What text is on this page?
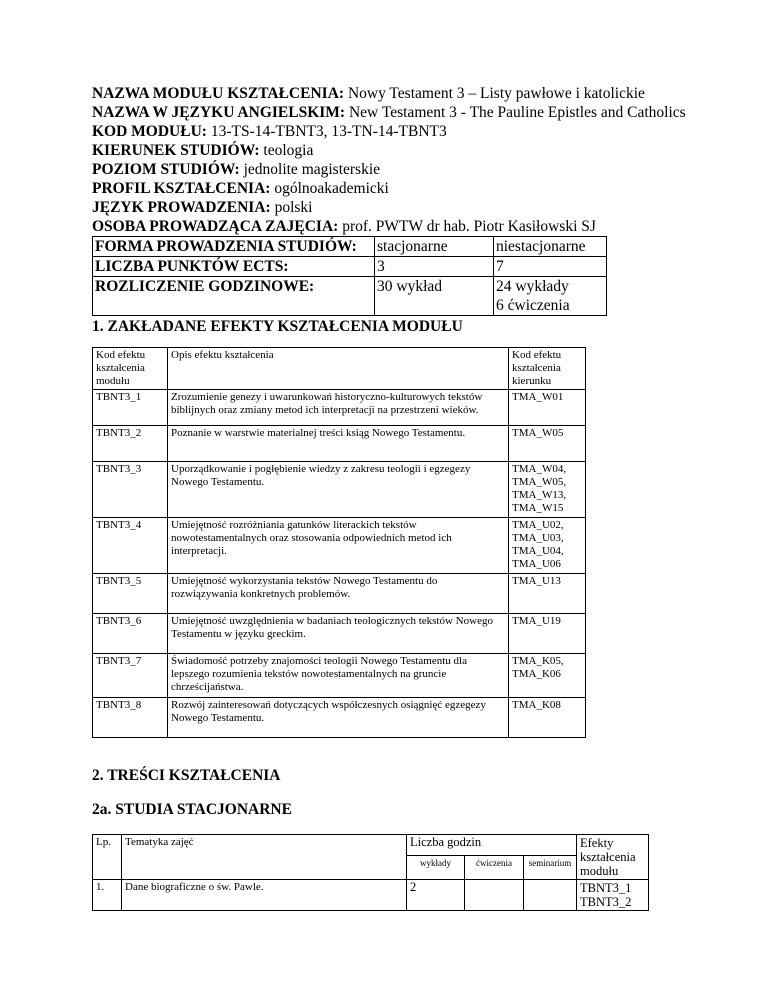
NAZWA MODUŁU KSZTAŁCENIA: Nowy Testament 3 – Listy pawłowe i katolickie
NAZWA W JĘZYKU ANGIELSKIM: New Testament 3 - The Pauline Epistles and Catholics
KOD MODUŁU: 13-TS-14-TBNT3, 13-TN-14-TBNT3
KIERUNEK STUDIÓW: teologia
POZIOM STUDIÓW: jednolite magisterskie
PROFIL KSZTAŁCENIA: ogólnoakademicki
JĘZYK PROWADZENIA: polski
OSOBA PROWADZĄCA ZAJĘCIA: prof. PWTW dr hab. Piotr Kasiłowski SJ
FORMA PROWADZENIA STUDIÓW:	stacjonarne	niestacjonarne
LICZBA PUNKTÓW ECTS:	3	7
ROZLICZENIE GODZINOWE:	30 wykład	24 wykłady
6 ćwiczenia
1. ZAKŁADANE EFEKTY KSZTAŁCENIA MODUŁU
Kod efektu kształcenia modułu	Opis efektu kształcenia	Kod efektu kształcenia kierunku
TBNT3_1	Zrozumienie genezy i uwarunkowań historyczno-kulturowych tekstów biblijnych oraz zmiany metod ich interpretacji na przestrzeni wieków.	TMA_W01
TBNT3_2	Poznanie w warstwie materialnej treści ksiąg Nowego Testamentu.	TMA_W05
TBNT3_3	Uporządkowanie i pogłębienie wiedzy z zakresu teologii i egzegezy Nowego Testamentu.	TMA_W04, TMA_W05, TMA_W13, TMA_W15
TBNT3_4	Umiejętność rozróżniania gatunków literackich tekstów nowotestamentalnych oraz stosowania odpowiednich metod ich interpretacji.	TMA_U02, TMA_U03, TMA_U04, TMA_U06
TBNT3_5	Umiejętność wykorzystania tekstów Nowego Testamentu do rozwiązywania konkretnych problemów.	TMA_U13
TBNT3_6	Umiejętność uwzględnienia w badaniach teologicznych tekstów Nowego Testamentu w języku greckim.	TMA_U19
TBNT3_7	Świadomość potrzeby znajomości teologii Nowego Testamentu dla lepszego rozumienia tekstów nowotestamentalnych na gruncie chrześcijaństwa.	TMA_K05, TMA_K06
TBNT3_8	Rozwój zainteresowań dotyczących współczesnych osiągnięć egzegezy Nowego Testamentu.	TMA_K08
2. TREŚCI KSZTAŁCENIA
2a. STUDIA STACJONARNE
Lp.	Tematyka zajęć	Liczba godzin			Efekty kształcenia modułu
		wykłady	ćwiczenia	seminarium	
1.	Dane biograficzne o św. Pawle.	2			TBNT3_1
TBNT3_2
